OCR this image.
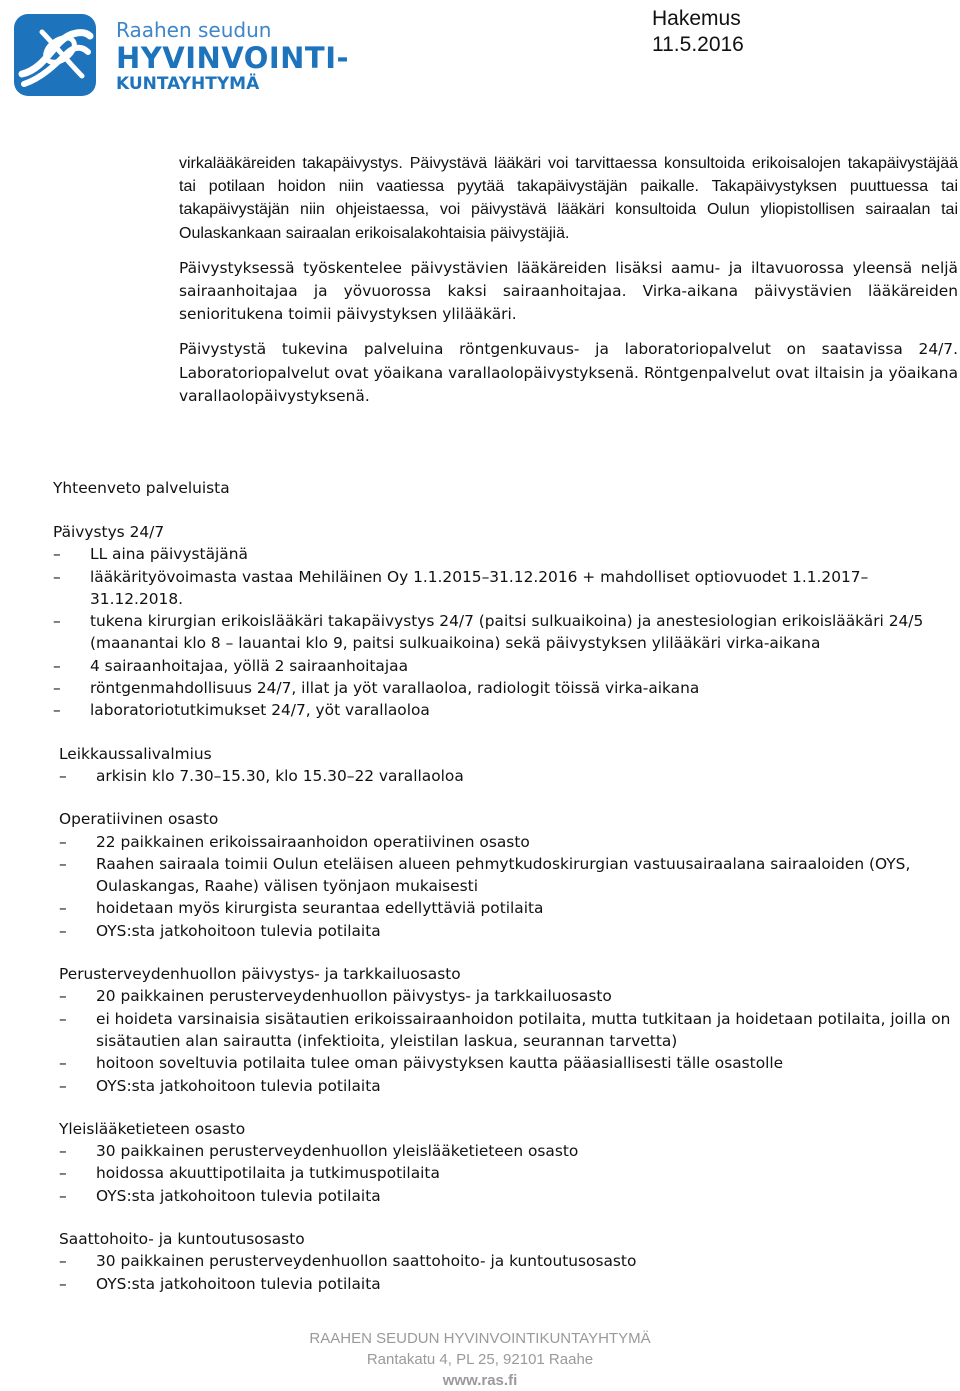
Raahen seudun
HYVINVOINTI-
KUNTAYHTYMÄ
Hakemus
11.5.2016

virkalääkäreiden takapäivystys. Päivystävä lääkäri voi tarvittaessa konsultoida erikoisalojen takapäivystäjää tai potilaan hoidon niin vaatiessa pyytää takapäivystäjän paikalle. Takapäivystyksen puuttuessa tai takapäivystäjän niin ohjeistaessa, voi päivystävä lääkäri konsultoida Oulun yliopistollisen sairaalan tai Oulaskankaan sairaalan erikoisalakohtaisia päivystäjiä.

Päivystyksessä työskentelee päivystävien lääkäreiden lisäksi aamu- ja iltavuorossa yleensä neljä sairaanhoitajaa ja yövuorossa kaksi sairaanhoitajaa. Virka-aikana päivystävien lääkäreiden senioritukena toimii päivystyksen ylilääkäri.

Päivystystä tukevina palveluina röntgenkuvaus- ja laboratoriopalvelut on saatavissa 24/7. Laboratoriopalvelut ovat yöaikana varallaolopäivystyksenä. Röntgenpalvelut ovat iltaisin ja yöaikana varallaolopäivystyksenä.

Yhteenveto palveluista
Päivystys 24/7
–	LL aina päivystäjänä
–	lääkärityövoimasta vastaa Mehiläinen Oy 1.1.2015–31.12.2016 + mahdolliset optiovuodet 1.1.2017–31.12.2018.
–	tukena kirurgian erikoislääkäri takapäivystys 24/7 (paitsi sulkuaikoina) ja anestesiologian erikoislääkäri 24/5 (maanantai klo 8 – lauantai klo 9, paitsi sulkuaikoina) sekä päivystyksen ylilääkäri virka-aikana
–	4 sairaanhoitajaa, yöllä 2 sairaanhoitajaa
–	röntgenmahdollisuus 24/7, illat ja yöt varallaoloa, radiologit töissä virka-aikana
–	laboratoriotutkimukset 24/7, yöt varallaoloa
Leikkaussalivalmius
–	arkisin klo 7.30–15.30, klo 15.30–22 varallaoloa
Operatiivinen osasto
–	22 paikkainen erikoissairaanhoidon operatiivinen osasto
–	Raahen sairaala toimii Oulun eteläisen alueen pehmytkudoskirurgian vastuusairaalana sairaaloiden (OYS, Oulaskangas, Raahe) välisen työnjaon mukaisesti
–	hoidetaan myös kirurgista seurantaa edellyttäviä potilaita
–	OYS:sta jatkohoitoon tulevia potilaita
Perusterveydenhuollon päivystys- ja tarkkailuosasto
–	20 paikkainen perusterveydenhuollon päivystys- ja tarkkailuosasto
–	ei hoideta varsinaisia sisätautien erikoissairaanhoidon potilaita, mutta tutkitaan ja hoidetaan potilaita, joilla on sisätautien alan sairautta (infektioita, yleistilan laskua, seurannan tarvetta)
–	hoitoon soveltuvia potilaita tulee oman päivystyksen kautta pääasiallisesti tälle osastolle
–	OYS:sta jatkohoitoon tulevia potilaita
Yleislääketieteen osasto
–	30 paikkainen perusterveydenhuollon yleislääketieteen osasto
–	hoidossa akuuttipotilaita ja tutkimuspotilaita
–	OYS:sta jatkohoitoon tulevia potilaita
Saattohoito- ja kuntoutusosasto
–	30 paikkainen perusterveydenhuollon saattohoito- ja kuntoutusosasto
–	OYS:sta jatkohoitoon tulevia potilaita
RAAHEN SEUDUN HYVINVOINTIKUNTAYHTYMÄ
Rantakatu 4, PL 25, 92101 Raahe
www.ras.fi
